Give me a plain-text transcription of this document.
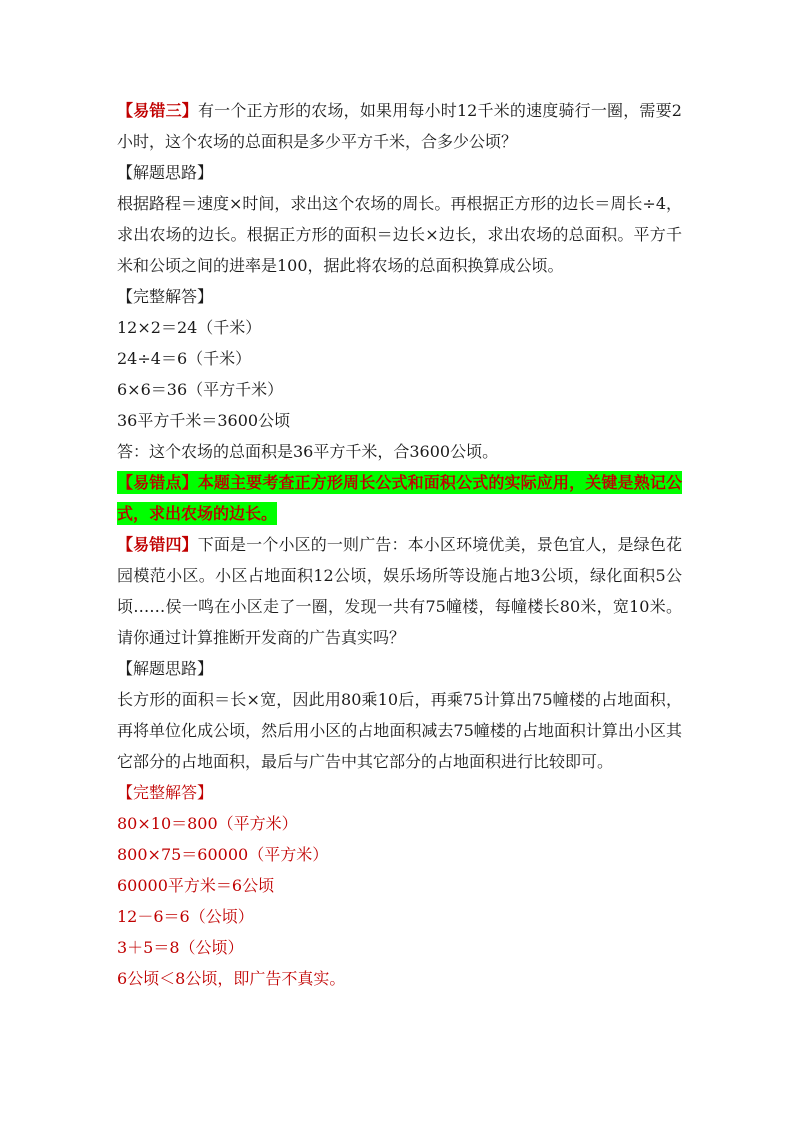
【易错三】有一个正方形的农场，如果用每小时12千米的速度骑行一圈，需要2小时，这个农场的总面积是多少平方千米，合多少公顷？
【解题思路】
根据路程＝速度×时间，求出这个农场的周长。再根据正方形的边长＝周长÷4，求出农场的边长。根据正方形的面积＝边长×边长，求出农场的总面积。平方千米和公顷之间的进率是100，据此将农场的总面积换算成公顷。
【完整解答】
12×2＝24（千米）
24÷4＝6（千米）
6×6＝36（平方千米）
36平方千米＝3600公顷
答：这个农场的总面积是36平方千米，合3600公顷。
【易错点】本题主要考查正方形周长公式和面积公式的实际应用，关键是熟记公式，求出农场的边长。
【易错四】下面是一个小区的一则广告：本小区环境优美，景色宜人，是绿色花园模范小区。小区占地面积12公顷，娱乐场所等设施占地3公顷，绿化面积5公顷……侯一鸣在小区走了一圈，发现一共有75幢楼，每幢楼长80米，宽10米。请你通过计算推断开发商的广告真实吗？
【解题思路】
长方形的面积＝长×宽，因此用80乘10后，再乘75计算出75幢楼的占地面积，再将单位化成公顷，然后用小区的占地面积减去75幢楼的占地面积计算出小区其它部分的占地面积，最后与广告中其它部分的占地面积进行比较即可。
【完整解答】
80×10＝800（平方米）
800×75＝60000（平方米）
60000平方米＝6公顷
12－6＝6（公顷）
3＋5＝8（公顷）
6公顷＜8公顷，即广告不真实。
